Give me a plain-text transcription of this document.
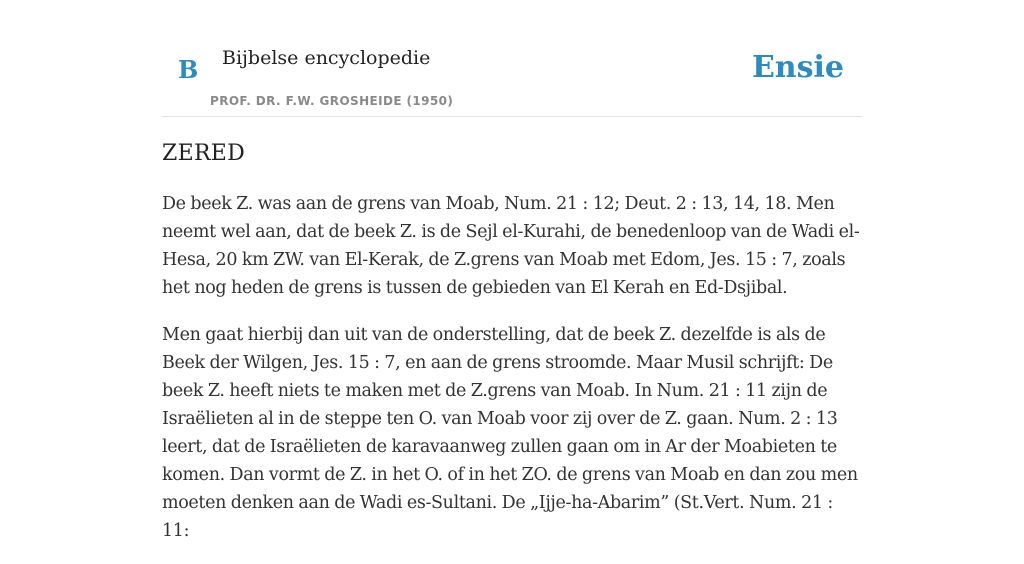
B Bijbelse encyclopedie
PROF. DR. F.W. GROSHEIDE (1950)
Ensie
ZERED

De beek Z. was aan de grens van Moab, Num. 21 : 12; Deut. 2 : 13, 14, 18. Men neemt wel aan, dat de beek Z. is de Sejl el-Kurahi, de benedenloop van de Wadi el-Hesa, 20 km ZW. van El-Kerak, de Z.grens van Moab met Edom, Jes. 15 : 7, zoals het nog heden de grens is tussen de gebieden van El Kerah en Ed-Dsjibal.

Men gaat hierbij dan uit van de onderstelling, dat de beek Z. dezelfde is als de Beek der Wilgen, Jes. 15 : 7, en aan de grens stroomde. Maar Musil schrijft: De beek Z. heeft niets te maken met de Z.grens van Moab. In Num. 21 : 11 zijn de Israëlieten al in de steppe ten O. van Moab voor zij over de Z. gaan. Num. 2 : 13 leert, dat de Israëlieten de karavaanweg zullen gaan om in Ar der Moabieten te komen. Dan vormt de Z. in het O. of in het ZO. de grens van Moab en dan zou men moeten denken aan de Wadi es-Sultani. De „Ijje-ha-Abarim” (St.Vert. Num. 21 : 11:
